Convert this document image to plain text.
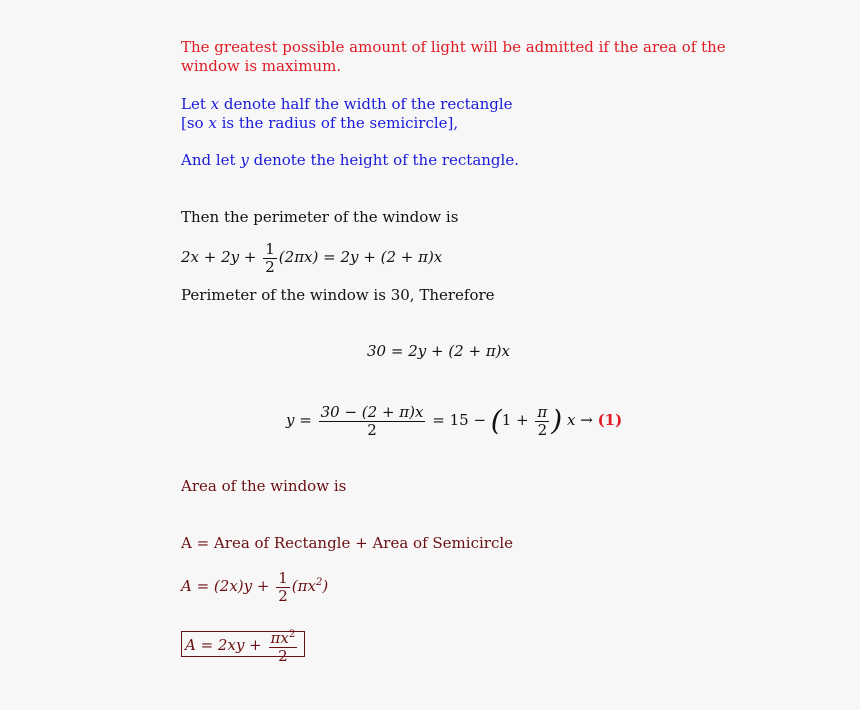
The greatest possible amount of light will be admitted if the area of the
window is maximum.
Let x denote half the width of the rectangle
[so x is the radius of the semicircle],
And let y denote the height of the rectangle.
Then the perimeter of the window is
$2x + 2y + \frac{1}{2} (2\pi x) = 2y + (2 + \pi)x$
Perimeter of the window is 30, Therefore
30 = 2y + (2 + π)x
$y = \frac{30 - (2 + \pi)x}{2} = 15 - (1 + \frac{\pi}{2}$ ) x → (1)
Area of the window is
A = Area of Rectangle + Area of Semicircle
$A = (2x)y + \frac{1}{2} (\pi x^2)$
$A = 2xy + \frac{\pi x^2}{2}$
